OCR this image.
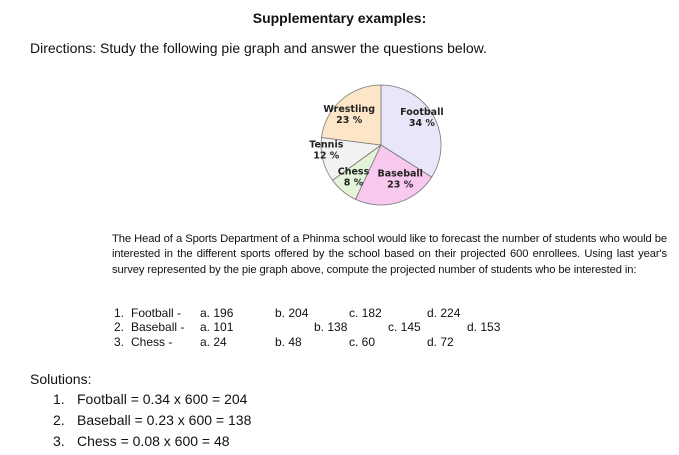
Supplementary examples:
Directions: Study the following pie graph and answer the questions below.
Football
34 %
Baseball
23 %
Chess
8 %
Tennis
12 %
Wrestling
23 %
The Head of a Sports Department of a Phinma school would like to forecast the number of students who would be interested in the different sports offered by the school based on their projected 600 enrollees. Using last year's survey represented by the pie graph above, compute the projected number of students who be interested in:
1. Football - a. 196	b. 204	c. 182	d. 224
2. Baseball - a. 101	b. 138	c. 145	d. 153
3. Chess - a. 24	b. 48	c. 60	d. 72
Solutions:
1. Football = 0.34 x 600 = 204
2. Baseball = 0.23 x 600 = 138
3. Chess = 0.08 x 600 = 48
